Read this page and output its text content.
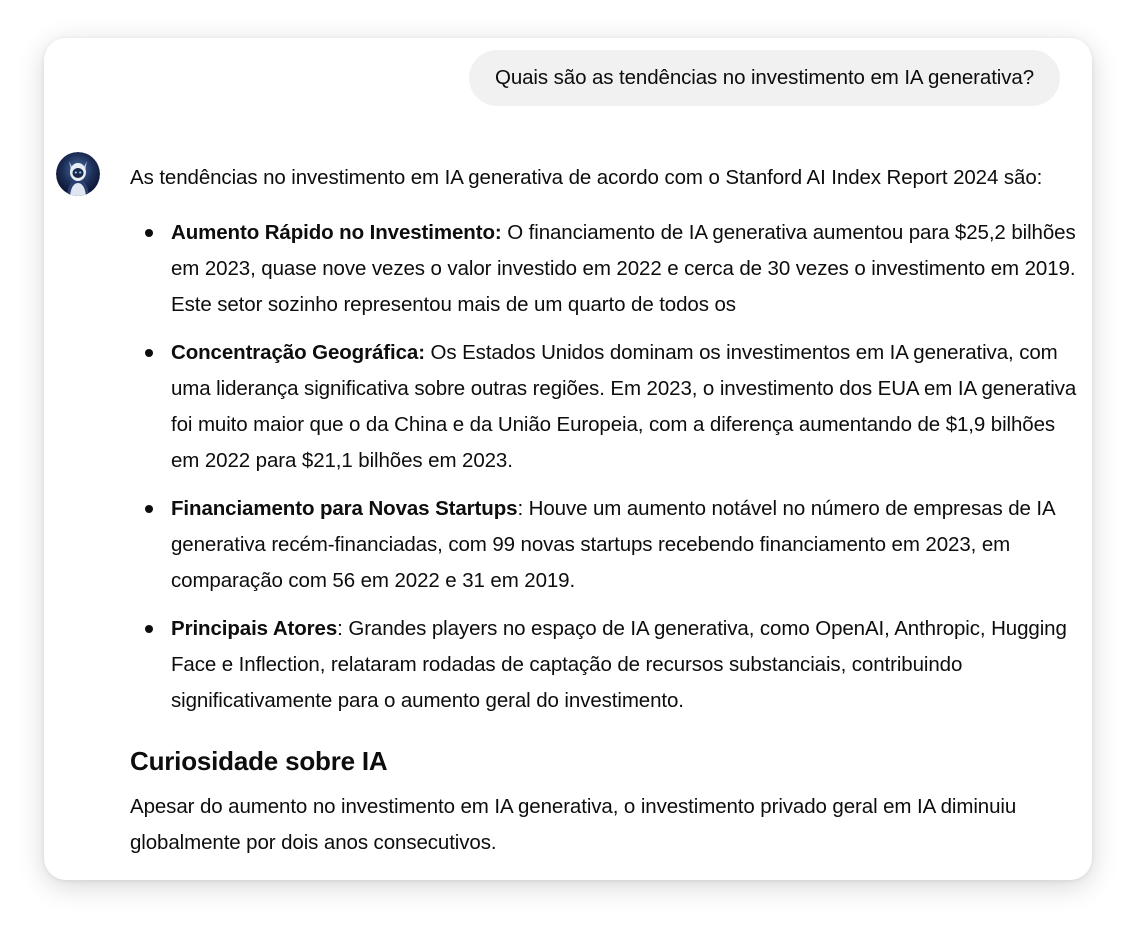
Quais são as tendências no investimento em IA generativa?

As tendências no investimento em IA generativa de acordo com o Stanford AI Index Report 2024 são:

Aumento Rápido no Investimento: O financiamento de IA generativa aumentou para $25,2 bilhões em 2023, quase nove vezes o valor investido em 2022 e cerca de 30 vezes o investimento em 2019. Este setor sozinho representou mais de um quarto de todos os
Concentração Geográfica: Os Estados Unidos dominam os investimentos em IA generativa, com uma liderança significativa sobre outras regiões. Em 2023, o investimento dos EUA em IA generativa foi muito maior que o da China e da União Europeia, com a diferença aumentando de $1,9 bilhões em 2022 para $21,1 bilhões em 2023.
Financiamento para Novas Startups: Houve um aumento notável no número de empresas de IA generativa recém-financiadas, com 99 novas startups recebendo financiamento em 2023, em comparação com 56 em 2022 e 31 em 2019.
Principais Atores: Grandes players no espaço de IA generativa, como OpenAI, Anthropic, Hugging Face e Inflection, relataram rodadas de captação de recursos substanciais, contribuindo significativamente para o aumento geral do investimento.
Curiosidade sobre IA

Apesar do aumento no investimento em IA generativa, o investimento privado geral em IA diminuiu globalmente por dois anos consecutivos.
